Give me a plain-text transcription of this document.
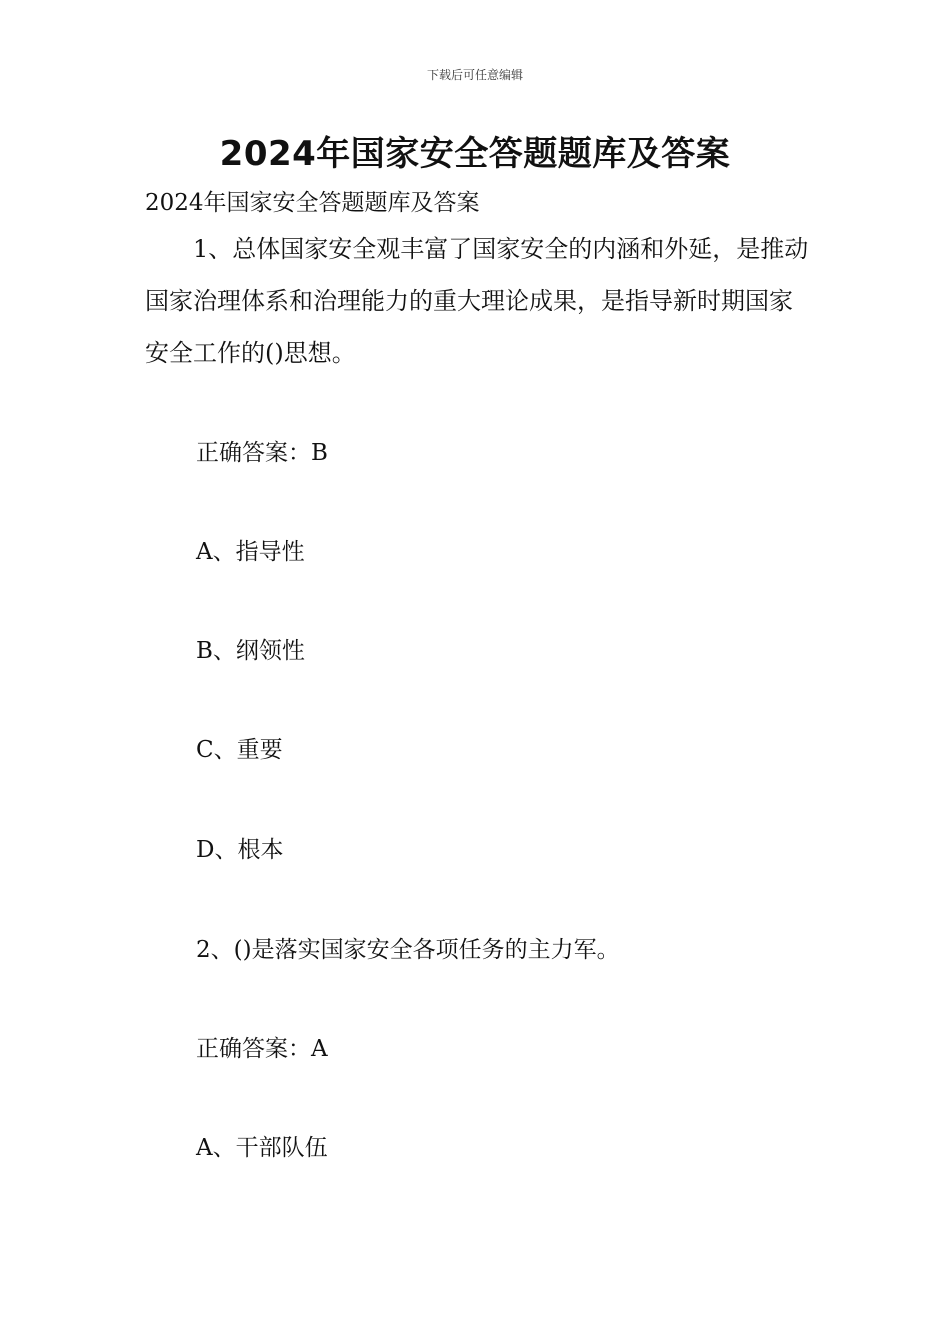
下载后可任意编辑
2024年国家安全答题题库及答案
2024年国家安全答题题库及答案
1、总体国家安全观丰富了国家安全的内涵和外延，是推动国家治理体系和治理能力的重大理论成果，是指导新时期国家安全工作的()思想。
正确答案：B
A、指导性
B、纲领性
C、重要
D、根本
2、()是落实国家安全各项任务的主力军。
正确答案：A
A、干部队伍
